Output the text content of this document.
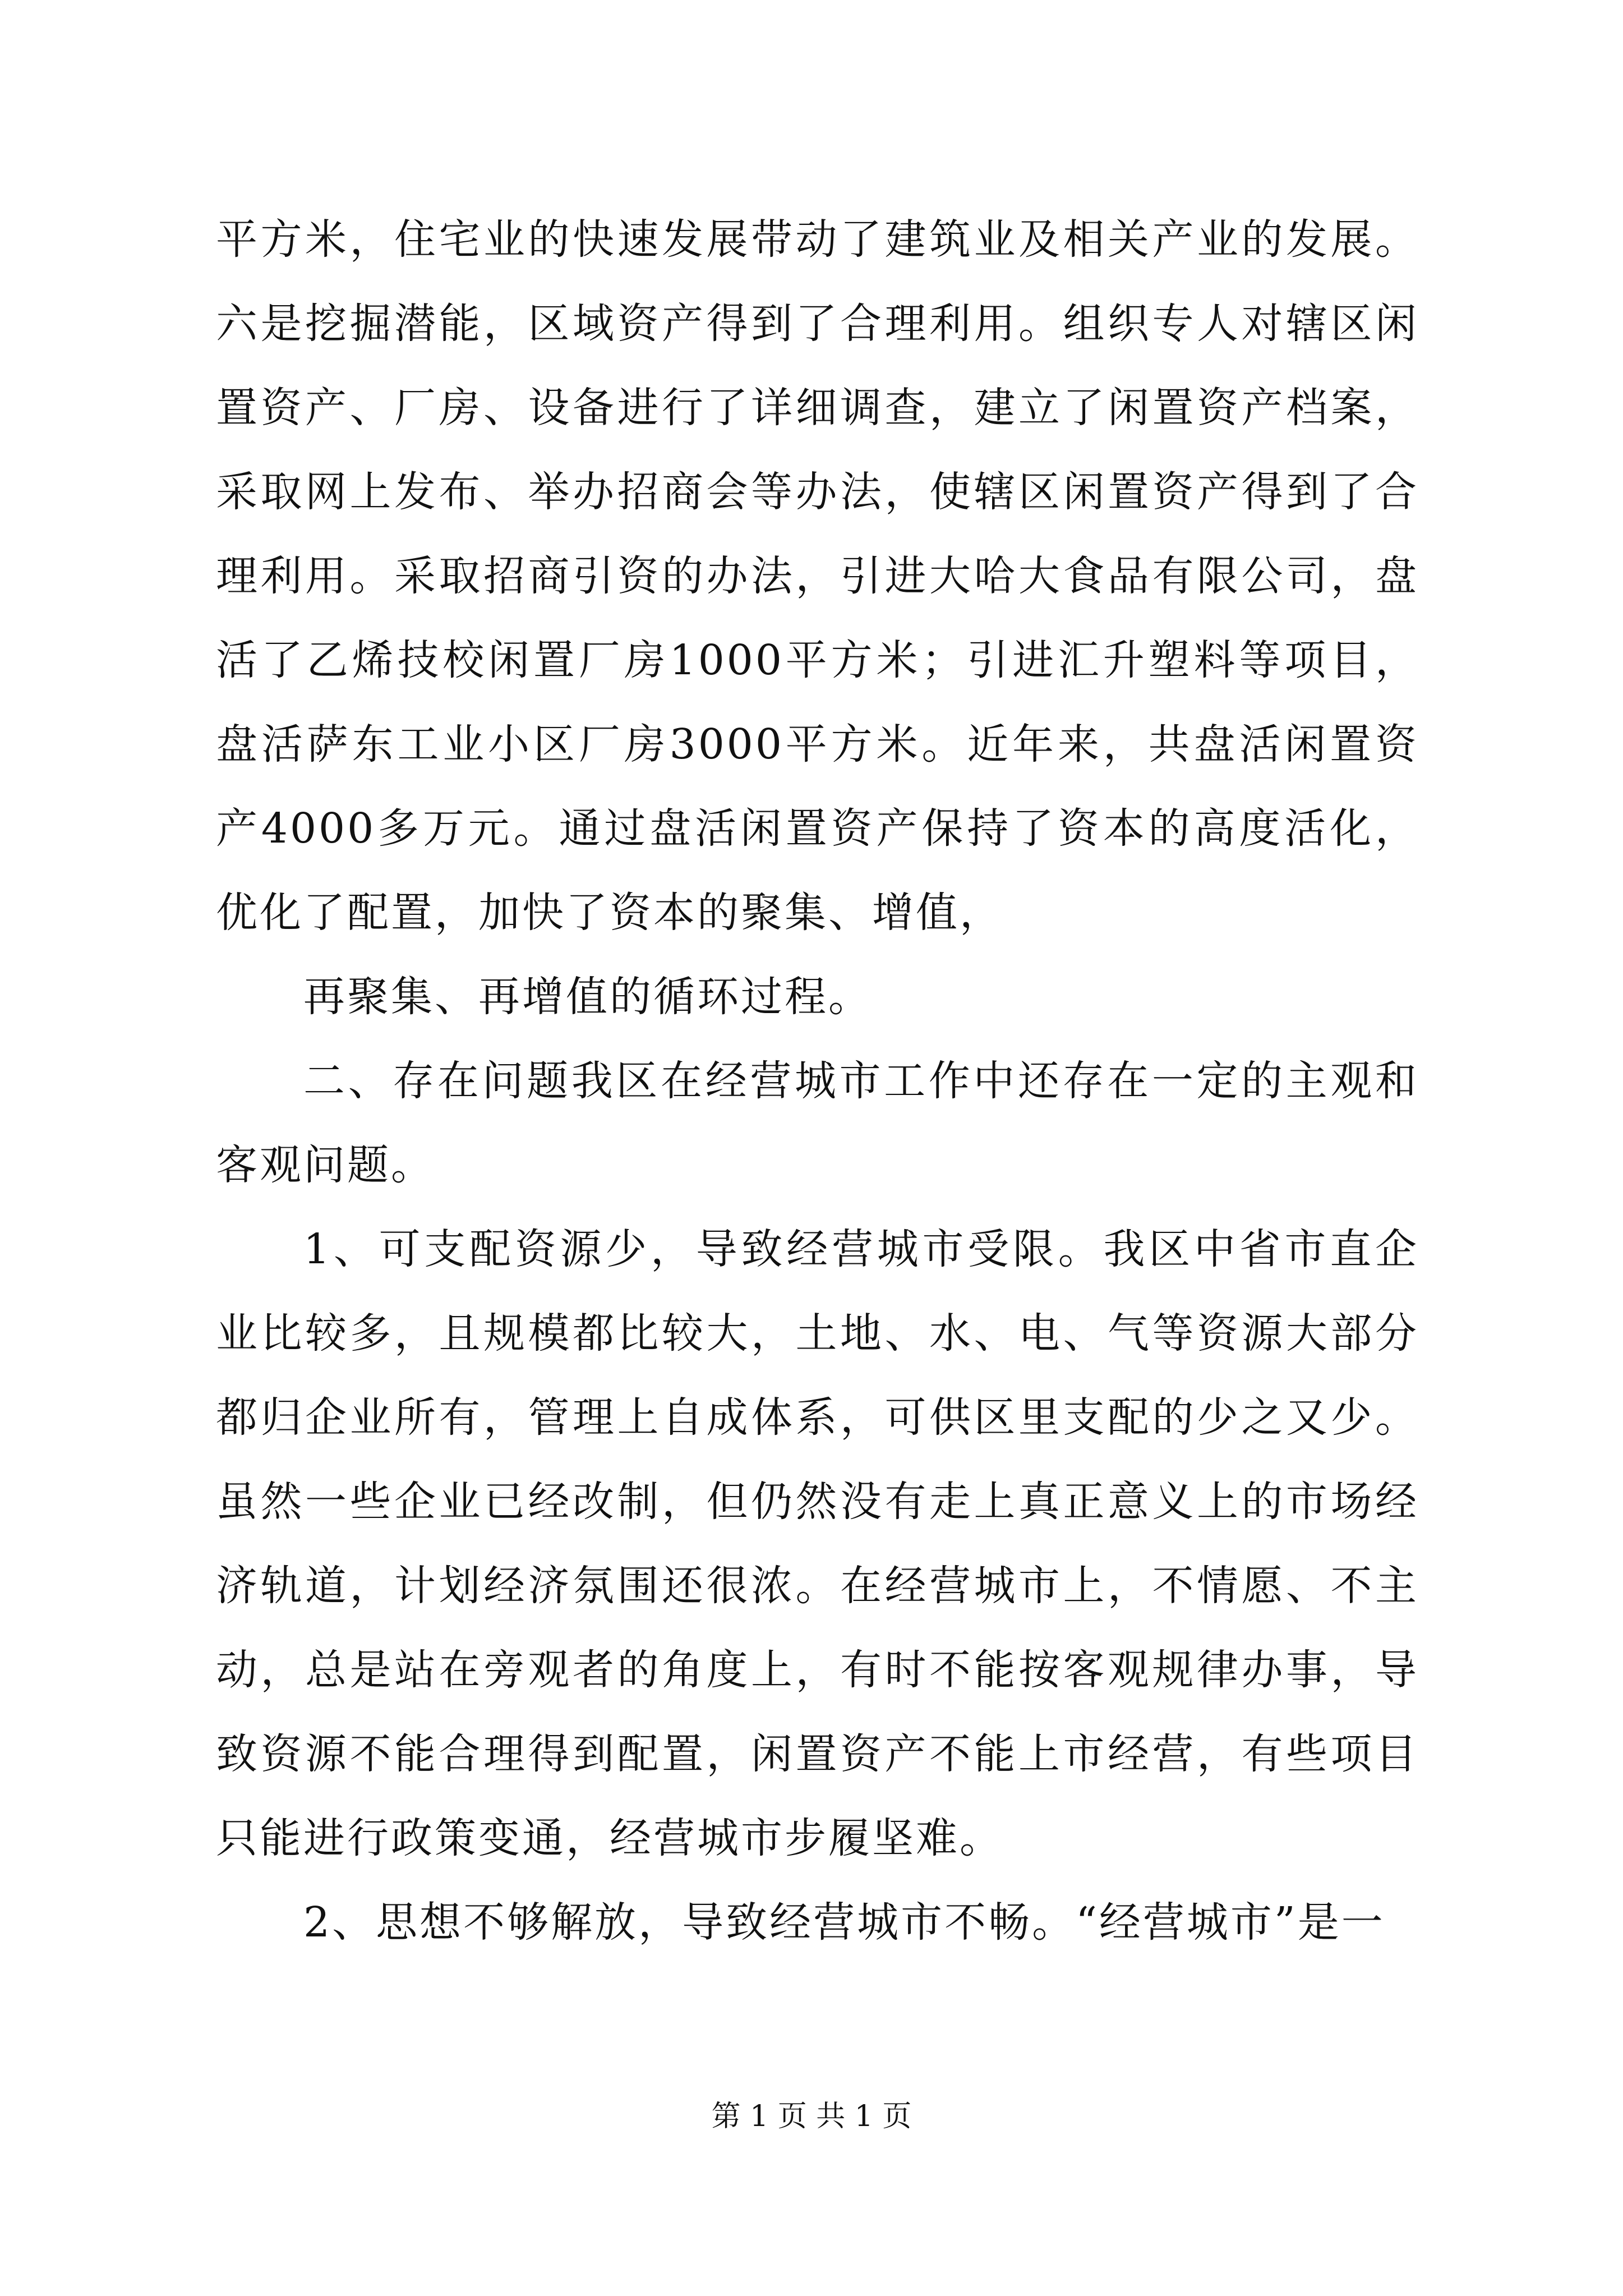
平方米，住宅业的快速发展带动了建筑业及相关产业的发展。六是挖掘潜能，区域资产得到了合理利用。组织专人对辖区闲置资产、厂房、设备进行了详细调查，建立了闲置资产档案，采取网上发布、举办招商会等办法，使辖区闲置资产得到了合理利用。采取招商引资的办法，引进大哈大食品有限公司，盘活了乙烯技校闲置厂房1000平方米；引进汇升塑料等项目，盘活萨东工业小区厂房3000平方米。近年来，共盘活闲置资产4000多万元。通过盘活闲置资产保持了资本的高度活化，优化了配置，加快了资本的聚集、增值，

再聚集、再增值的循环过程。

二、存在问题我区在经营城市工作中还存在一定的主观和客观问题。

1、可支配资源少，导致经营城市受限。我区中省市直企业比较多，且规模都比较大，土地、水、电、气等资源大部分都归企业所有，管理上自成体系，可供区里支配的少之又少。虽然一些企业已经改制，但仍然没有走上真正意义上的市场经济轨道，计划经济氛围还很浓。在经营城市上，不情愿、不主动，总是站在旁观者的角度上，有时不能按客观规律办事，导致资源不能合理得到配置，闲置资产不能上市经营，有些项目只能进行政策变通，经营城市步履坚难。

2、思想不够解放，导致经营城市不畅。“经营城市”是一

第 1 页 共 1 页
